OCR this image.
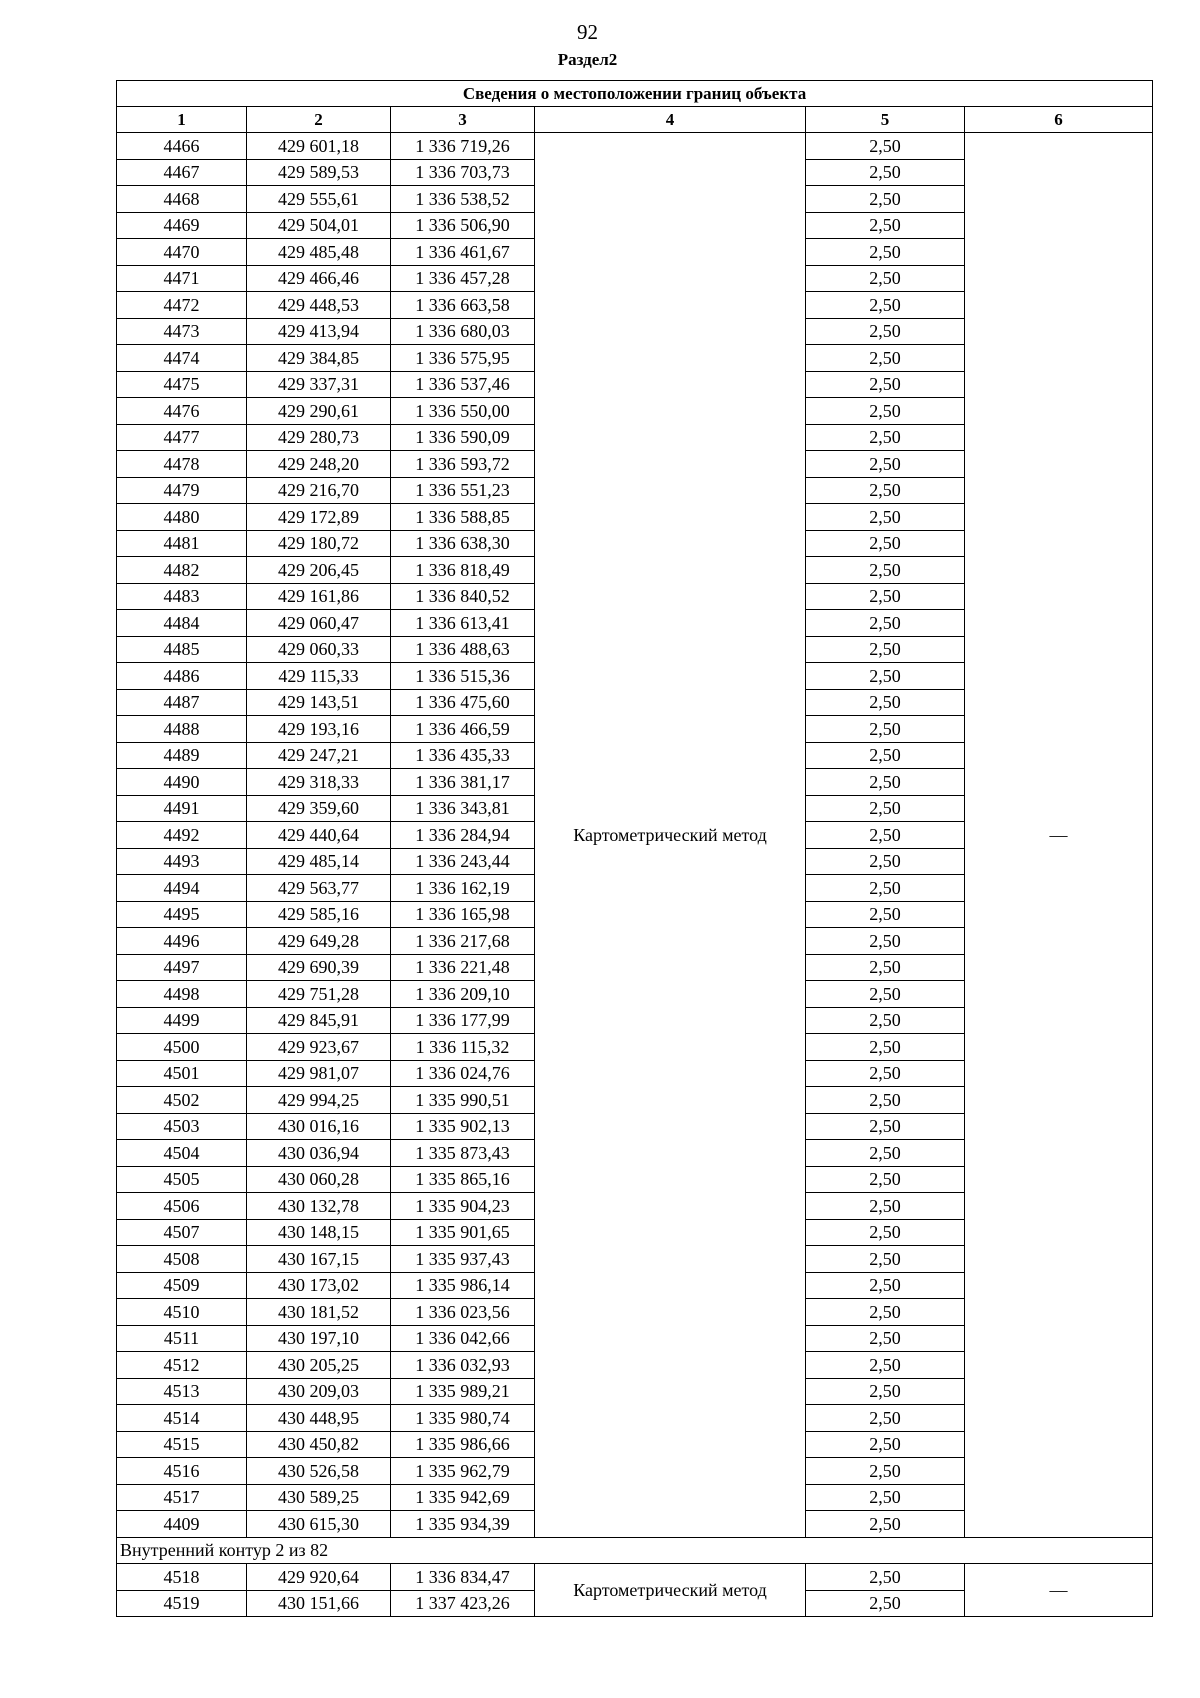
92
Раздел2
Сведения о местоположении границ объекта					
1	2	3	4	5	6
4466	429 601,18	1 336 719,26	Картометрический метод	2,50	—
4467	429 589,53	1 336 703,73		2,50	
4468	429 555,61	1 336 538,52		2,50	
4469	429 504,01	1 336 506,90		2,50	
4470	429 485,48	1 336 461,67		2,50	
4471	429 466,46	1 336 457,28		2,50	
4472	429 448,53	1 336 663,58		2,50	
4473	429 413,94	1 336 680,03		2,50	
4474	429 384,85	1 336 575,95		2,50	
4475	429 337,31	1 336 537,46		2,50	
4476	429 290,61	1 336 550,00		2,50	
4477	429 280,73	1 336 590,09		2,50	
4478	429 248,20	1 336 593,72		2,50	
4479	429 216,70	1 336 551,23		2,50	
4480	429 172,89	1 336 588,85		2,50	
4481	429 180,72	1 336 638,30		2,50	
4482	429 206,45	1 336 818,49		2,50	
4483	429 161,86	1 336 840,52		2,50	
4484	429 060,47	1 336 613,41		2,50	
4485	429 060,33	1 336 488,63		2,50	
4486	429 115,33	1 336 515,36		2,50	
4487	429 143,51	1 336 475,60		2,50	
4488	429 193,16	1 336 466,59		2,50	
4489	429 247,21	1 336 435,33		2,50	
4490	429 318,33	1 336 381,17		2,50	
4491	429 359,60	1 336 343,81		2,50	
4492	429 440,64	1 336 284,94		2,50	
4493	429 485,14	1 336 243,44		2,50	
4494	429 563,77	1 336 162,19		2,50	
4495	429 585,16	1 336 165,98		2,50	
4496	429 649,28	1 336 217,68		2,50	
4497	429 690,39	1 336 221,48		2,50	
4498	429 751,28	1 336 209,10		2,50	
4499	429 845,91	1 336 177,99		2,50	
4500	429 923,67	1 336 115,32		2,50	
4501	429 981,07	1 336 024,76		2,50	
4502	429 994,25	1 335 990,51		2,50	
4503	430 016,16	1 335 902,13		2,50	
4504	430 036,94	1 335 873,43		2,50	
4505	430 060,28	1 335 865,16		2,50	
4506	430 132,78	1 335 904,23		2,50	
4507	430 148,15	1 335 901,65		2,50	
4508	430 167,15	1 335 937,43		2,50	
4509	430 173,02	1 335 986,14		2,50	
4510	430 181,52	1 336 023,56		2,50	
4511	430 197,10	1 336 042,66		2,50	
4512	430 205,25	1 336 032,93		2,50	
4513	430 209,03	1 335 989,21		2,50	
4514	430 448,95	1 335 980,74		2,50	
4515	430 450,82	1 335 986,66		2,50	
4516	430 526,58	1 335 962,79		2,50	
4517	430 589,25	1 335 942,69		2,50	
4409	430 615,30	1 335 934,39		2,50	
Внутренний контур 2 из 82					
4518	429 920,64	1 336 834,47	Картометрический метод	2,50	—
4519	430 151,66	1 337 423,26		2,50	
